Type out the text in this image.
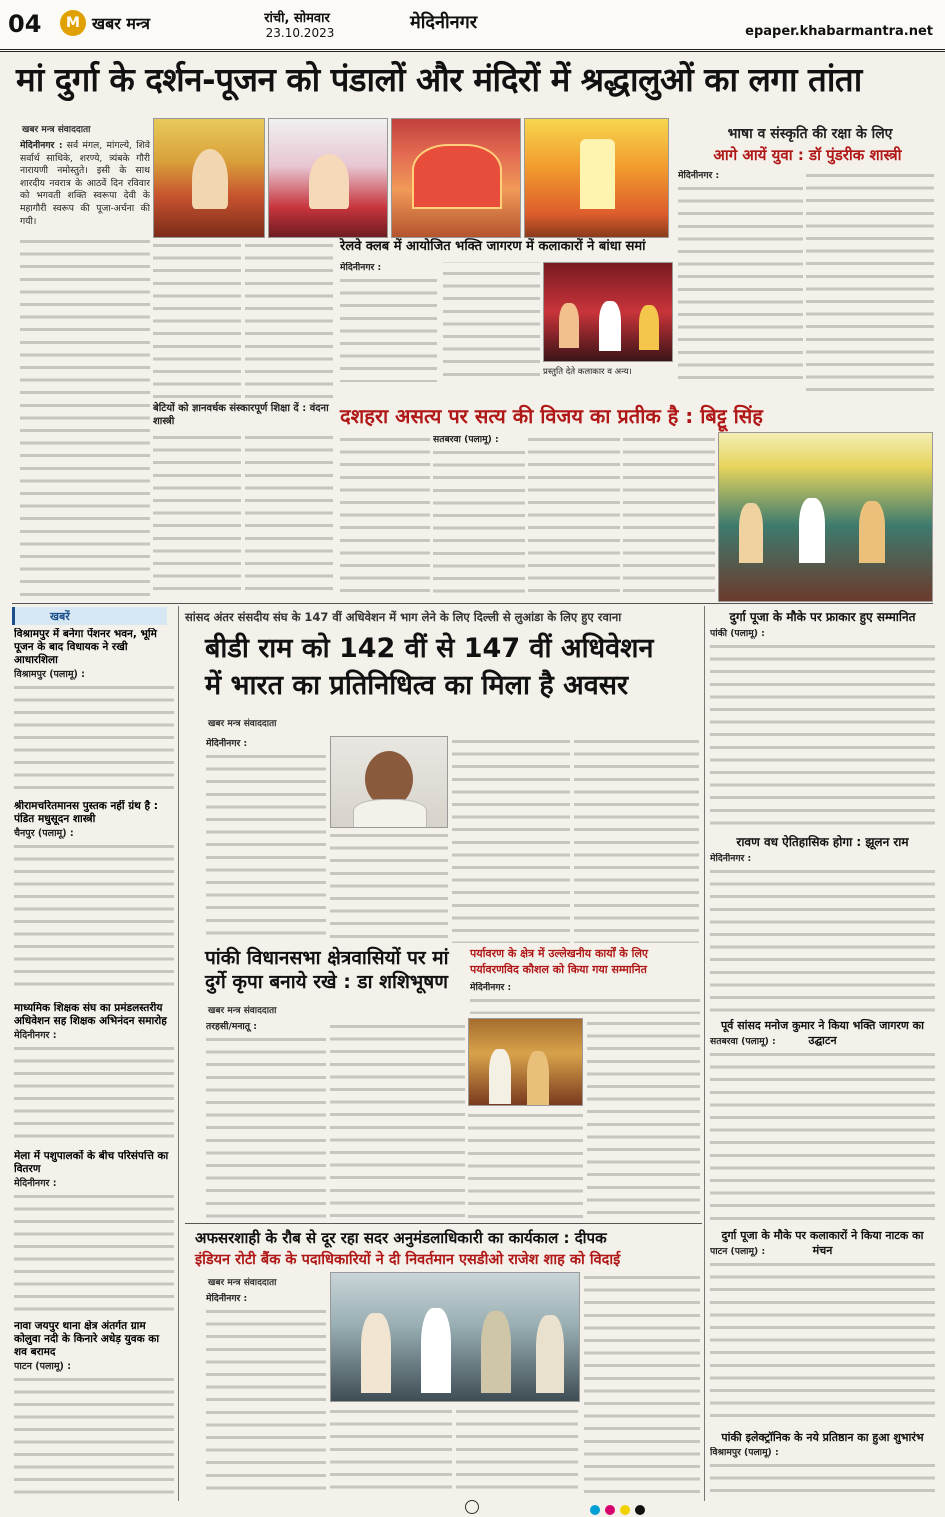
04	M खबर मन्त्र	रांची, सोमवार
23.10.2023	मेदिनीनगर	epaper.khabarmantra.net
मां दुर्गा के दर्शन-पूजन को पंडालों और मंदिरों में श्रद्धालुओं का लगा तांता
खबर मन्त्र संवाददाता
मेदिनीनगर : सर्व मंगल, मांगल्ये, शिवे सर्वार्थ साधिके, शरण्ये, त्र्यंबके गौरी नारायणी नमोस्तुते। इसी के साथ शारदीय नवरात्र के आठवें दिन रविवार को भगवती शक्ति स्वरूपा देवी के महागौरी स्वरूप की पूजा-अर्चना की गयी।
बेटियों को ज्ञानवर्धक संस्कारपूर्ण शिक्षा दें : वंदना शास्त्री
भाषा व संस्कृति की रक्षा के लिए
आगे आयें युवा : डॉ पुंडरीक शास्त्री
मेदिनीनगर :
रेलवे क्लब में आयोजित भक्ति जागरण में कलाकारों ने बांधा समां
मेदिनीनगर :
प्रस्तुति देते कलाकार व अन्य।
दशहरा असत्य पर सत्य की विजय का प्रतीक है : बिट्टू सिंह
सतबरवा (पलामू) :
खबरें
विश्रामपुर में बनेगा पेंशनर भवन, भूमि पूजन के बाद विधायक ने रखी आधारशिला
विश्रामपुर (पलामू) :
श्रीरामचरितमानस पुस्तक नहीं ग्रंथ है : पंडित मधुसूदन शास्त्री
चैनपुर (पलामू) :
माध्यमिक शिक्षक संघ का प्रमंडलस्तरीय अधिवेशन सह शिक्षक अभिनंदन समारोह
मेदिनीनगर :
मेला में पशुपालकों के बीच परिसंपत्ति का वितरण
मेदिनीनगर :
नावा जयपुर थाना क्षेत्र अंतर्गत ग्राम कोलुवा नदी के किनारे अधेड़ युवक का शव बरामद
पाटन (पलामू) :
सांसद अंतर संसदीय संघ के 147 वीं अधिवेशन में भाग लेने के लिए दिल्ली से लुआंडा के लिए हुए रवाना
बीडी राम को 142 वीं से 147 वीं अधिवेशन
में भारत का प्रतिनिधित्व का मिला है अवसर
खबर मन्त्र संवाददाता
मेदिनीनगर :
पांकी विधानसभा क्षेत्रवासियों पर मां
दुर्गे कृपा बनाये रखे : डा शशिभूषण
खबर मन्त्र संवाददाता
तरहसी/मनातू :
पर्यावरण के क्षेत्र में उल्लेखनीय कार्यों के लिए
पर्यावरणविद कौशल को किया गया सम्मानित
मेदिनीनगर :
अफसरशाही के रौब से दूर रहा सदर अनुमंडलाधिकारी का कार्यकाल : दीपक
इंडियन रोटी बैंक के पदाधिकारियों ने दी निवर्तमान एसडीओ राजेश शाह को विदाई
खबर मन्त्र संवाददाता
मेदिनीनगर :
दुर्गा पूजा के मौके पर फ्राकार हुए सम्मानित
पांकी (पलामू) :
रावण वध ऐतिहासिक होगा : झूलन राम
मेदिनीनगर :
पूर्व सांसद मनोज कुमार ने किया भक्ति जागरण का उद्घाटन
सतबरवा (पलामू) :
दुर्गा पूजा के मौके पर कलाकारों ने किया नाटक का मंचन
पाटन (पलामू) :
पांकी इलेक्ट्रॉनिक के नये प्रतिष्ठान का हुआ शुभारंभ
विश्रामपुर (पलामू) :
